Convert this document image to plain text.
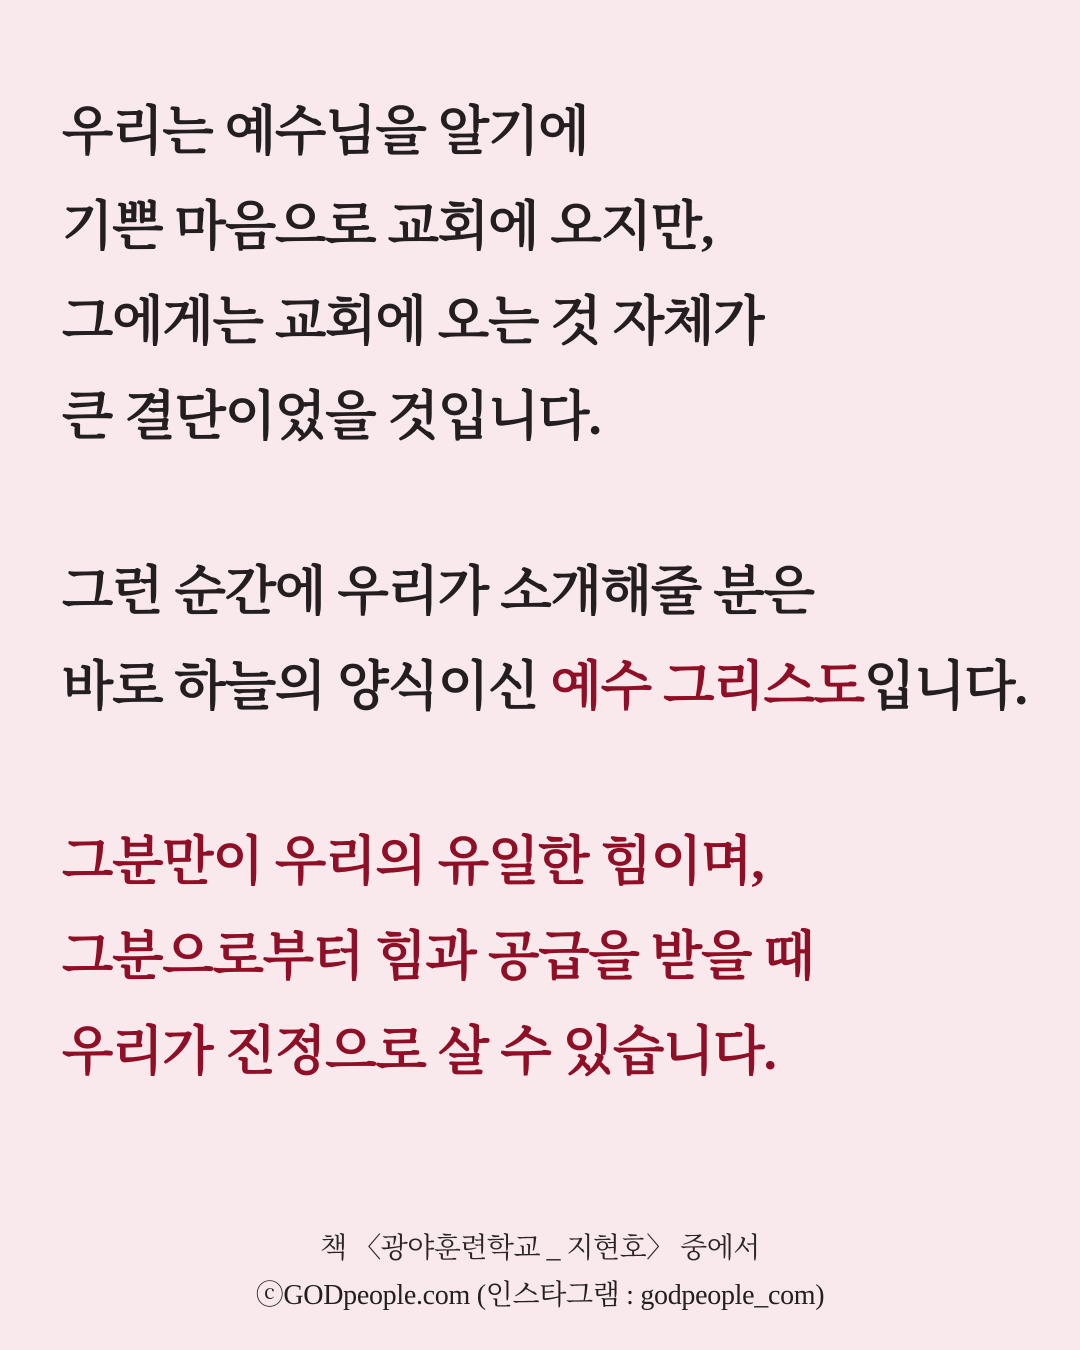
우리는 예수님을 알기에
기쁜 마음으로 교회에 오지만,
그에게는 교회에 오는 것 자체가
큰 결단이었을 것입니다.
그런 순간에 우리가 소개해줄 분은
바로 하늘의 양식이신 예수 그리스도입니다.
그분만이 우리의 유일한 힘이며,
그분으로부터 힘과 공급을 받을 때
우리가 진정으로 살 수 있습니다.
책 〈광야훈련학교 _ 지현호〉 중에서
ⓒGODpeople.com (인스타그램 : godpeople_com)
